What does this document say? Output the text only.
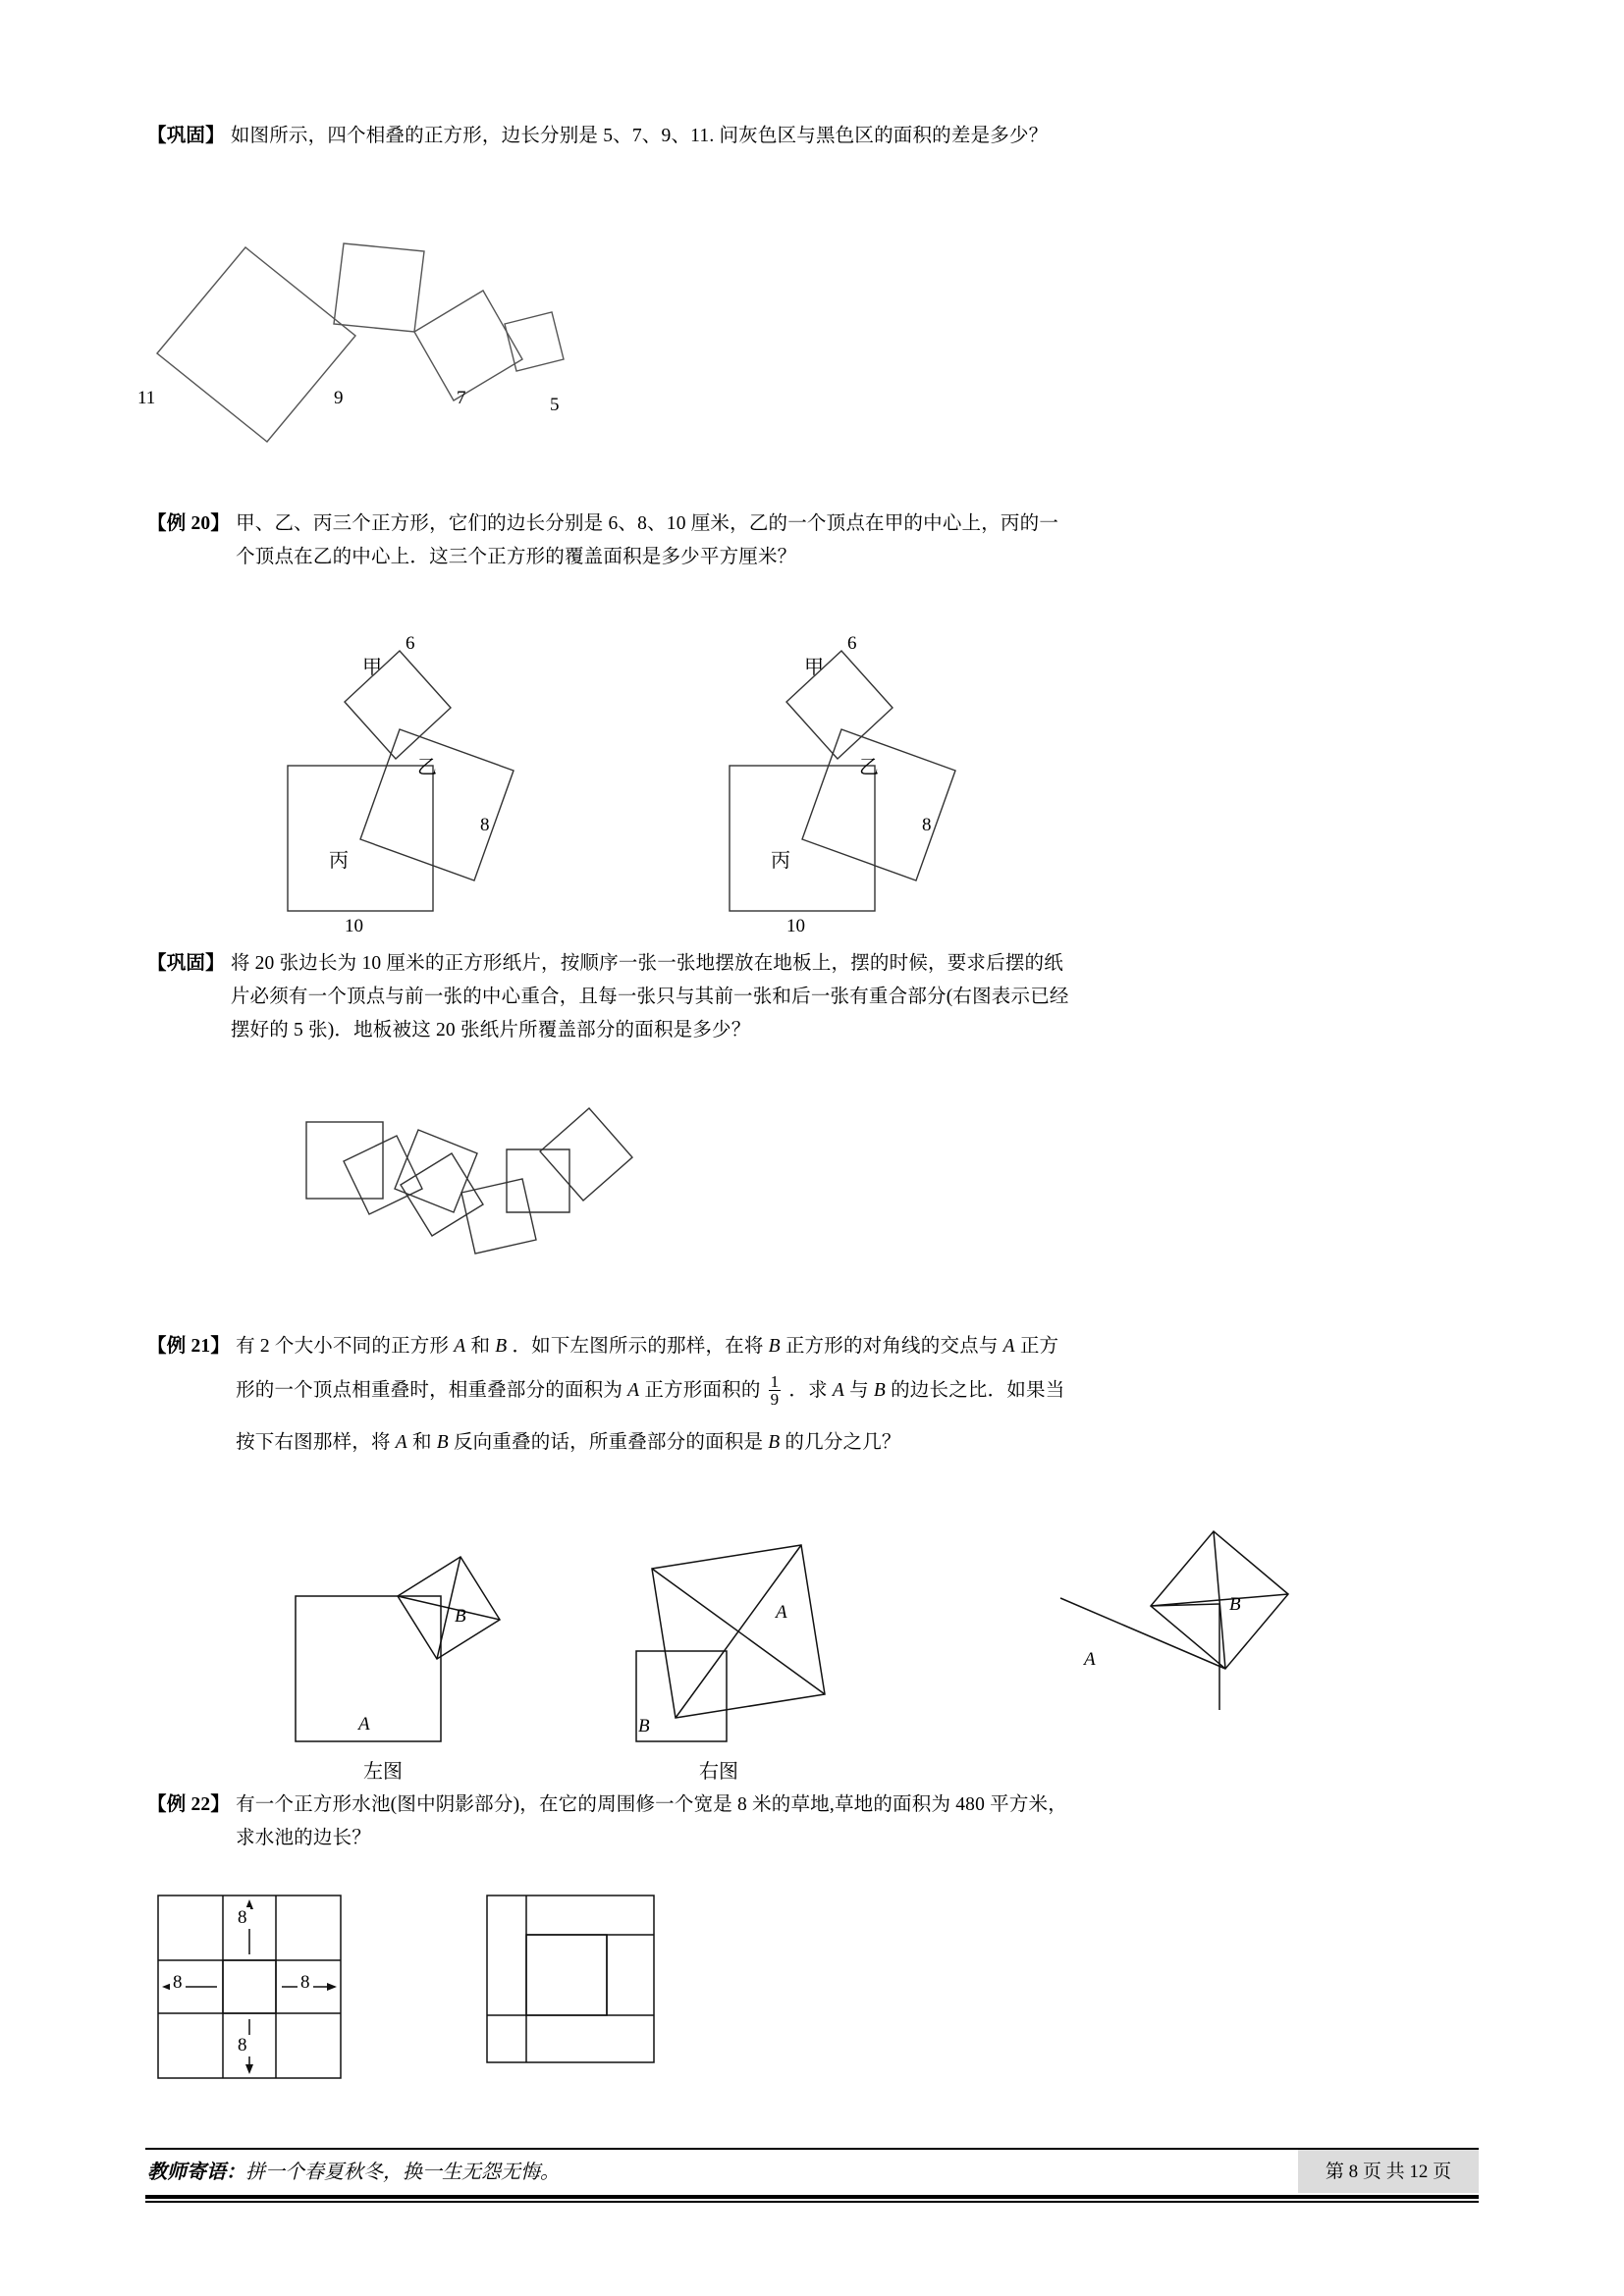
【巩固】 如图所示，四个相叠的正方形，边长分别是 5、7、9、11. 问灰色区与黑色区的面积的差是多少？
11	9	7	5
【例 20】 甲、乙、丙三个正方形，它们的边长分别是 6、8、10 厘米，乙的一个顶点在甲的中心上，丙的一
个顶点在乙的中心上．这三个正方形的覆盖面积是多少平方厘米？
甲
6
乙
8
丙
10
甲
6
乙
8
丙
10
【巩固】 将 20 张边长为 10 厘米的正方形纸片，按顺序一张一张地摆放在地板上，摆的时候，要求后摆的纸
片必须有一个顶点与前一张的中心重合，且每一张只与其前一张和后一张有重合部分(右图表示已经
摆好的 5 张)．地板被这 20 张纸片所覆盖部分的面积是多少？
【例 21】 有 2 个大小不同的正方形 A 和 B ．如下左图所示的那样，在将 B 正方形的对角线的交点与 A 正方
形的一个顶点相重叠时，相重叠部分的面积为 A 正方形面积的 $\frac{1}{9}$ ．求 A 与 B 的边长之比．如果当
按下右图那样，将 A 和 B 反向重叠的话，所重叠部分的面积是 B 的几分之几？
B
A
A
B
B
A
左图	右图
【例 22】 有一个正方形水池(图中阴影部分)，在它的周围修一个宽是 8 米的草地,草地的面积为 480 平方米，
求水池的边长？
8
8
8	8
教师寄语：拼一个春夏秋冬，换一生无怨无悔。	第 8 页 共 12 页
